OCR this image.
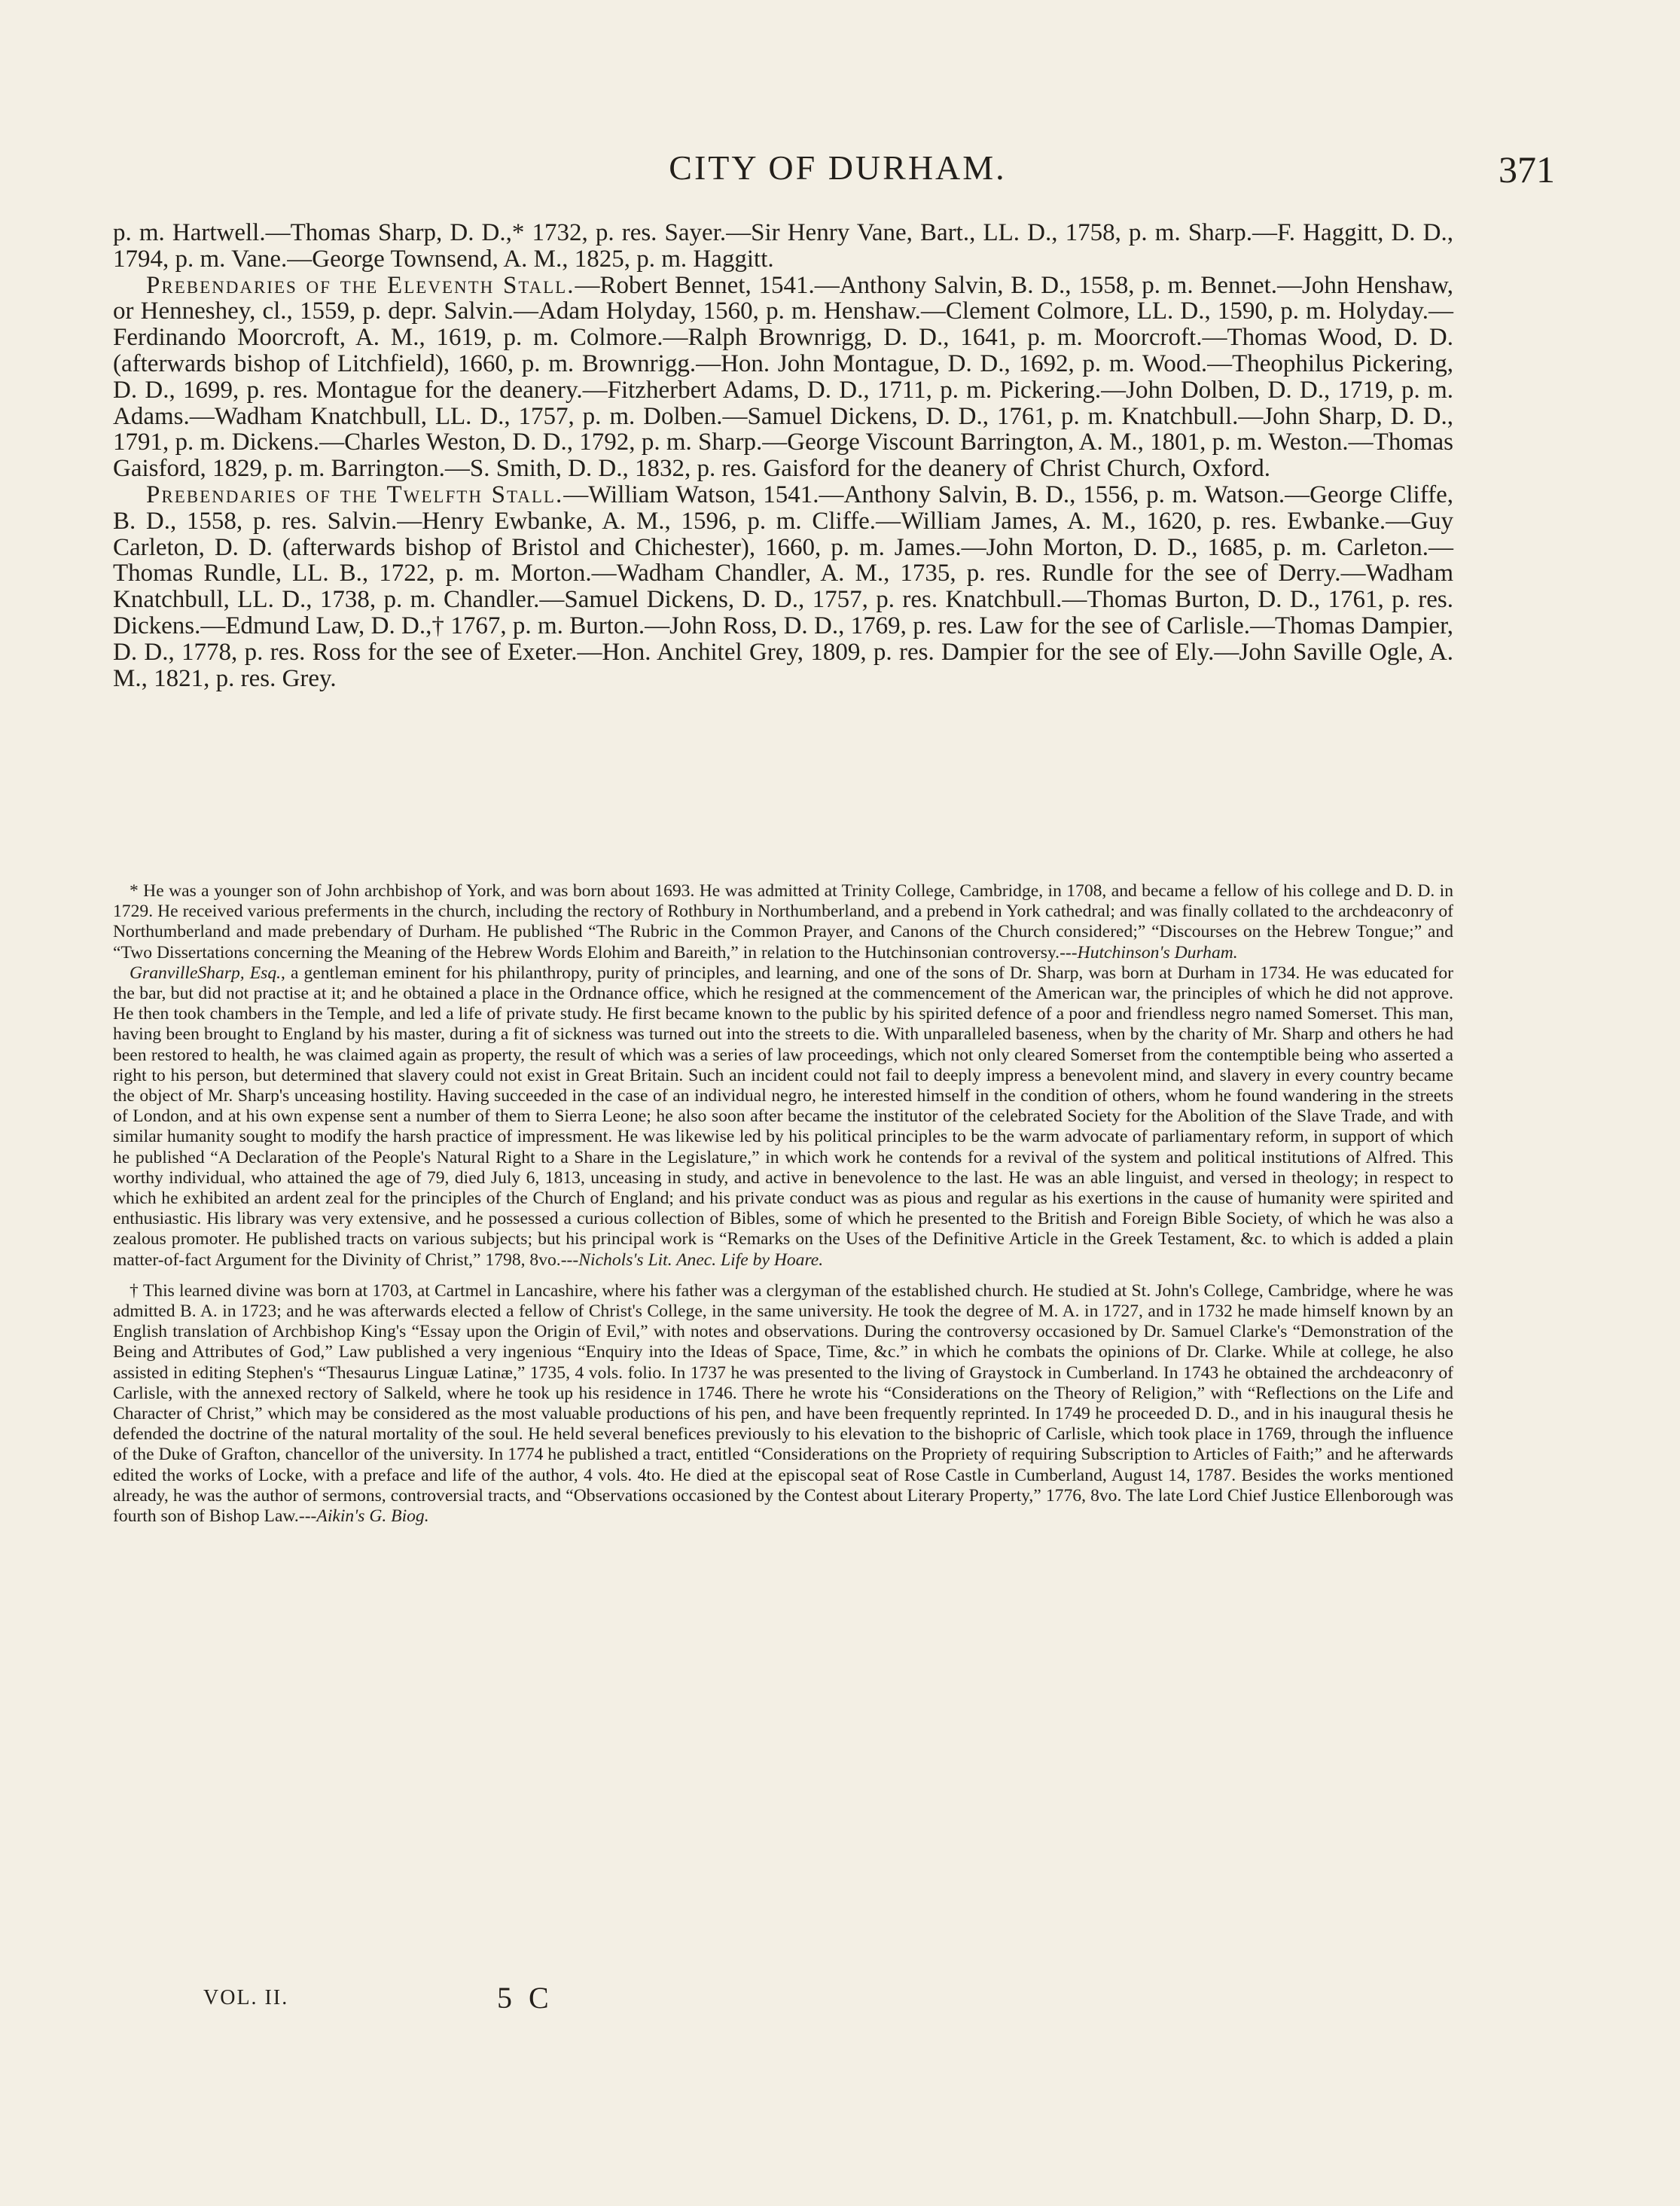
CITY OF DURHAM.	371

p. m. Hartwell.—Thomas Sharp, D. D.,* 1732, p. res. Sayer.—Sir Henry Vane, Bart., LL. D., 1758, p. m. Sharp.—F. Haggitt, D. D., 1794, p. m. Vane.—George Townsend, A. M., 1825, p. m. Haggitt.

Prebendaries of the Eleventh Stall.—Robert Bennet, 1541.—Anthony Salvin, B. D., 1558, p. m. Bennet.—John Henshaw, or Henneshey, cl., 1559, p. depr. Salvin.—Adam Holyday, 1560, p. m. Henshaw.—Clement Colmore, LL. D., 1590, p. m. Holyday.—Ferdinando Moorcroft, A. M., 1619, p. m. Colmore.—Ralph Brownrigg, D. D., 1641, p. m. Moorcroft.—Thomas Wood, D. D. (afterwards bishop of Litchfield), 1660, p. m. Brownrigg.—Hon. John Montague, D. D., 1692, p. m. Wood.—Theophilus Pickering, D. D., 1699, p. res. Montague for the deanery.—Fitzherbert Adams, D. D., 1711, p. m. Pickering.—John Dolben, D. D., 1719, p. m. Adams.—Wadham Knatchbull, LL. D., 1757, p. m. Dolben.—Samuel Dickens, D. D., 1761, p. m. Knatchbull.—John Sharp, D. D., 1791, p. m. Dickens.—Charles Weston, D. D., 1792, p. m. Sharp.—George Viscount Barrington, A. M., 1801, p. m. Weston.—Thomas Gaisford, 1829, p. m. Barrington.—S. Smith, D. D., 1832, p. res. Gaisford for the deanery of Christ Church, Oxford.

Prebendaries of the Twelfth Stall.—William Watson, 1541.—Anthony Salvin, B. D., 1556, p. m. Watson.—George Cliffe, B. D., 1558, p. res. Salvin.—Henry Ewbanke, A. M., 1596, p. m. Cliffe.—William James, A. M., 1620, p. res. Ewbanke.—Guy Carleton, D. D. (afterwards bishop of Bristol and Chichester), 1660, p. m. James.—John Morton, D. D., 1685, p. m. Carleton.—Thomas Rundle, LL. B., 1722, p. m. Morton.—Wadham Chandler, A. M., 1735, p. res. Rundle for the see of Derry.—Wadham Knatchbull, LL. D., 1738, p. m. Chandler.—Samuel Dickens, D. D., 1757, p. res. Knatchbull.—Thomas Burton, D. D., 1761, p. res. Dickens.—Edmund Law, D. D.,† 1767, p. m. Burton.—John Ross, D. D., 1769, p. res. Law for the see of Carlisle.—Thomas Dampier, D. D., 1778, p. res. Ross for the see of Exeter.—Hon. Anchitel Grey, 1809, p. res. Dampier for the see of Ely.—John Saville Ogle, A. M., 1821, p. res. Grey.

* He was a younger son of John archbishop of York, and was born about 1693. He was admitted at Trinity College, Cambridge, in 1708, and became a fellow of his college and D. D. in 1729. He received various preferments in the church, including the rectory of Rothbury in Northumberland, and a prebend in York cathedral; and was finally collated to the archdeaconry of Northumberland and made prebendary of Durham. He published “The Rubric in the Common Prayer, and Canons of the Church considered;” “Discourses on the Hebrew Tongue;” and “Two Dissertations concerning the Meaning of the Hebrew Words Elohim and Bareith,” in relation to the Hutchinsonian controversy.---Hutchinson's Durham.

GranvilleSharp, Esq., a gentleman eminent for his philanthropy, purity of principles, and learning, and one of the sons of Dr. Sharp, was born at Durham in 1734. He was educated for the bar, but did not practise at it; and he obtained a place in the Ordnance office, which he resigned at the commencement of the American war, the principles of which he did not approve. He then took chambers in the Temple, and led a life of private study. He first became known to the public by his spirited defence of a poor and friendless negro named Somerset. This man, having been brought to England by his master, during a fit of sickness was turned out into the streets to die. With unparalleled baseness, when by the charity of Mr. Sharp and others he had been restored to health, he was claimed again as property, the result of which was a series of law proceedings, which not only cleared Somerset from the contemptible being who asserted a right to his person, but determined that slavery could not exist in Great Britain. Such an incident could not fail to deeply impress a benevolent mind, and slavery in every country became the object of Mr. Sharp's unceasing hostility. Having succeeded in the case of an individual negro, he interested himself in the condition of others, whom he found wandering in the streets of London, and at his own expense sent a number of them to Sierra Leone; he also soon after became the institutor of the celebrated Society for the Abolition of the Slave Trade, and with similar humanity sought to modify the harsh practice of impressment. He was likewise led by his political principles to be the warm advocate of parliamentary reform, in support of which he published “A Declaration of the People's Natural Right to a Share in the Legislature,” in which work he contends for a revival of the system and political institutions of Alfred. This worthy individual, who attained the age of 79, died July 6, 1813, unceasing in study, and active in benevolence to the last. He was an able linguist, and versed in theology; in respect to which he exhibited an ardent zeal for the principles of the Church of England; and his private conduct was as pious and regular as his exertions in the cause of humanity were spirited and enthusiastic. His library was very extensive, and he possessed a curious collection of Bibles, some of which he presented to the British and Foreign Bible Society, of which he was also a zealous promoter. He published tracts on various subjects; but his principal work is “Remarks on the Uses of the Definitive Article in the Greek Testament, &c. to which is added a plain matter-of-fact Argument for the Divinity of Christ,” 1798, 8vo.---Nichols's Lit. Anec. Life by Hoare.

† This learned divine was born at 1703, at Cartmel in Lancashire, where his father was a clergyman of the established church. He studied at St. John's College, Cambridge, where he was admitted B. A. in 1723; and he was afterwards elected a fellow of Christ's College, in the same university. He took the degree of M. A. in 1727, and in 1732 he made himself known by an English translation of Archbishop King's “Essay upon the Origin of Evil,” with notes and observations. During the controversy occasioned by Dr. Samuel Clarke's “Demonstration of the Being and Attributes of God,” Law published a very ingenious “Enquiry into the Ideas of Space, Time, &c.” in which he combats the opinions of Dr. Clarke. While at college, he also assisted in editing Stephen's “Thesaurus Linguæ Latinæ,” 1735, 4 vols. folio. In 1737 he was presented to the living of Graystock in Cumberland. In 1743 he obtained the archdeaconry of Carlisle, with the annexed rectory of Salkeld, where he took up his residence in 1746. There he wrote his “Considerations on the Theory of Religion,” with “Reflections on the Life and Character of Christ,” which may be considered as the most valuable productions of his pen, and have been frequently reprinted. In 1749 he proceeded D. D., and in his inaugural thesis he defended the doctrine of the natural mortality of the soul. He held several benefices previously to his elevation to the bishopric of Carlisle, which took place in 1769, through the influence of the Duke of Grafton, chancellor of the university. In 1774 he published a tract, entitled “Considerations on the Propriety of requiring Subscription to Articles of Faith;” and he afterwards edited the works of Locke, with a preface and life of the author, 4 vols. 4to. He died at the episcopal seat of Rose Castle in Cumberland, August 14, 1787. Besides the works mentioned already, he was the author of sermons, controversial tracts, and “Observations occasioned by the Contest about Literary Property,” 1776, 8vo. The late Lord Chief Justice Ellenborough was fourth son of Bishop Law.---Aikin's G. Biog.

VOL. II.	5 C
